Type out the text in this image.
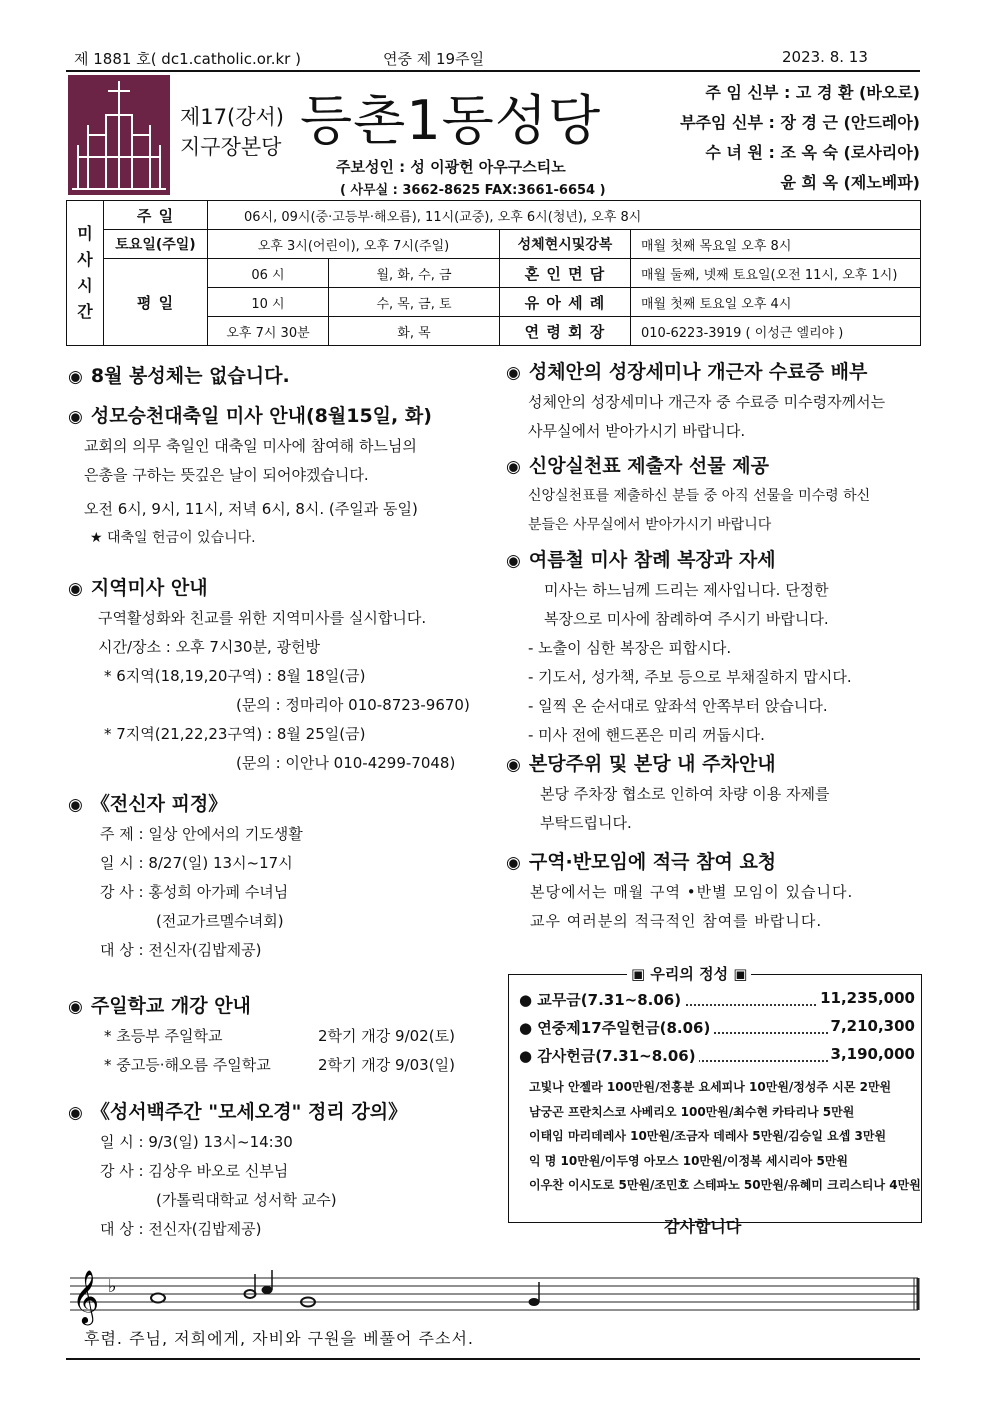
제 1881 호( dc1.catholic.or.kr )	연중 제 19주일	2023. 8. 13
제17(강서)
지구장본당 등촌1동성당
주보성인 : 성 이광헌 아우구스티노
( 사무실 : 3662-8625 FAX:3661-6654 )
주 임 신부 : 고 경 환 (바오로)
부주임 신부 : 장 경 근 (안드레아)
수 녀 원 : 조 옥 숙 (로사리아)
윤 희 옥 (제노베파)
미
사
시
간	주 일	06시, 09시(중·고등부·해오름), 11시(교중), 오후 6시(청년), 오후 8시			
	토요일(주일)	오후 3시(어린이), 오후 7시(주일)		성체현시및강복	매월 첫째 목요일 오후 8시
	평 일	06 시	월, 화, 수, 금	혼 인 면 담	매월 둘째, 넷째 토요일(오전 11시, 오후 1시)
		10 시	수, 목, 금, 토	유 아 세 례	매월 첫째 토요일 오후 4시
		오후 7시 30분	화, 목	연 령 회 장	010-6223-3919 ( 이성근 엘리야 )
◉ 8월 봉성체는 없습니다.
◉ 성모승천대축일 미사 안내(8월15일, 화)
교회의 의무 축일인 대축일 미사에 참여해 하느님의
은총을 구하는 뜻깊은 날이 되어야겠습니다.
오전 6시, 9시, 11시, 저녁 6시, 8시. (주일과 동일)
★ 대축일 헌금이 있습니다.
◉ 지역미사 안내
구역활성화와 친교를 위한 지역미사를 실시합니다.
시간/장소 : 오후 7시30분, 광헌방
* 6지역(18,19,20구역) : 8월 18일(금)
(문의 : 정마리아 010-8723-9670)
* 7지역(21,22,23구역) : 8월 25일(금)
(문의 : 이안나 010-4299-7048)
◉ 《전신자 피정》
주 제 : 일상 안에서의 기도생활
일 시 : 8/27(일) 13시~17시
강 사 : 홍성희 아가페 수녀님
(전교가르멜수녀회)
대 상 : 전신자(김밥제공)
◉ 주일학교 개강 안내
* 초등부 주일학교	2학기 개강 9/02(토)
* 중고등·해오름 주일학교	2학기 개강 9/03(일)
◉ 《성서백주간 "모세오경" 정리 강의》
일 시 : 9/3(일) 13시~14:30
강 사 : 김상우 바오로 신부님
(가톨릭대학교 성서학 교수)
대 상 : 전신자(김밥제공)
◉ 성체안의 성장세미나 개근자 수료증 배부
성체안의 성장세미나 개근자 중 수료증 미수령자께서는
사무실에서 받아가시기 바랍니다.
◉ 신앙실천표 제출자 선물 제공
신앙실천표를 제출하신 분들 중 아직 선물을 미수령 하신
분들은 사무실에서 받아가시기 바랍니다
◉ 여름철 미사 참례 복장과 자세
미사는 하느님께 드리는 제사입니다. 단정한
복장으로 미사에 참례하여 주시기 바랍니다.
- 노출이 심한 복장은 피합시다.
- 기도서, 성가책, 주보 등으로 부채질하지 맙시다.
- 일찍 온 순서대로 앞좌석 안쪽부터 앉습니다.
- 미사 전에 핸드폰은 미리 꺼둡시다.
◉ 본당주위 및 본당 내 주차안내
본당 주차장 협소로 인하여 차량 이용 자제를
부탁드립니다.
◉ 구역·반모임에 적극 참여 요청
본당에서는 매월 구역 •반별 모임이 있습니다.
교우 여러분의 적극적인 참여를 바랍니다.
▣ 우리의 정성 ▣
● 교무금(7.31~8.06)	11,235,000
● 연중제17주일헌금(8.06)	7,210,300
● 감사헌금(7.31~8.06)	3,190,000
고빛나 안젤라 100만원/전홍분 요세피나 10만원/정성주 시몬 2만원
남궁곤 프란치스코 사베리오 100만원/최수현 카타리나 5만원
이태임 마리데레사 10만원/조금자 데레사 5만원/김승일 요셉 3만원
익 명 10만원/이두영 아모스 10만원/이정복 세시리아 5만원
이우찬 이시도로 5만원/조민호 스테파노 50만원/유혜미 크리스티나 4만원
감사합니다
𝄞 ♭
후렴. 주님, 저희에게, 자비와 구원을 베풀어 주소서.
